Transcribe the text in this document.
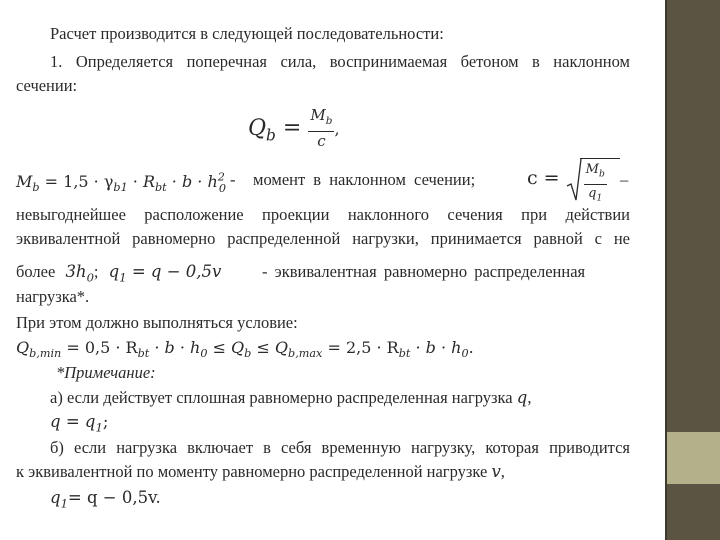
Расчет производится в следующей последовательности:
1. Определяется поперечная сила, воспринимаемая бетоном в наклонном
сечении:
$Q_b = \frac{M_b}{c}$ ,
$M_b = 1,5 \cdot \gamma_{b1} \cdot R_{bt} \cdot b \cdot h^2_0$ - момент в наклонном сечении;	$c = \frac{M_b}{q_1}$ –
невыгоднейшее расположение проекции наклонного сечения при действии
эквивалентной равномерно распределенной нагрузки, принимается равной с не
более $3h_0$; $q_1 = q - 0,5v$ - эквивалентная равномерно распределенная
нагрузка*.
При этом должно выполняться условие:
$Q_{b,min} = 0,5 \cdot R_{bt} \cdot b \cdot h_0 \le Q_b \le Q_{b,max} = 2,5 \cdot R_{bt} \cdot b \cdot h_0$.
*Примечание:
а) если действует сплошная равномерно распределенная нагрузка q,
$q = q_1$;
б) если нагрузка включает в себя временную нагрузку, которая приводится
к эквивалентной по моменту равномерно распределенной нагрузке v,
$q_1= q - 0,5v$.
